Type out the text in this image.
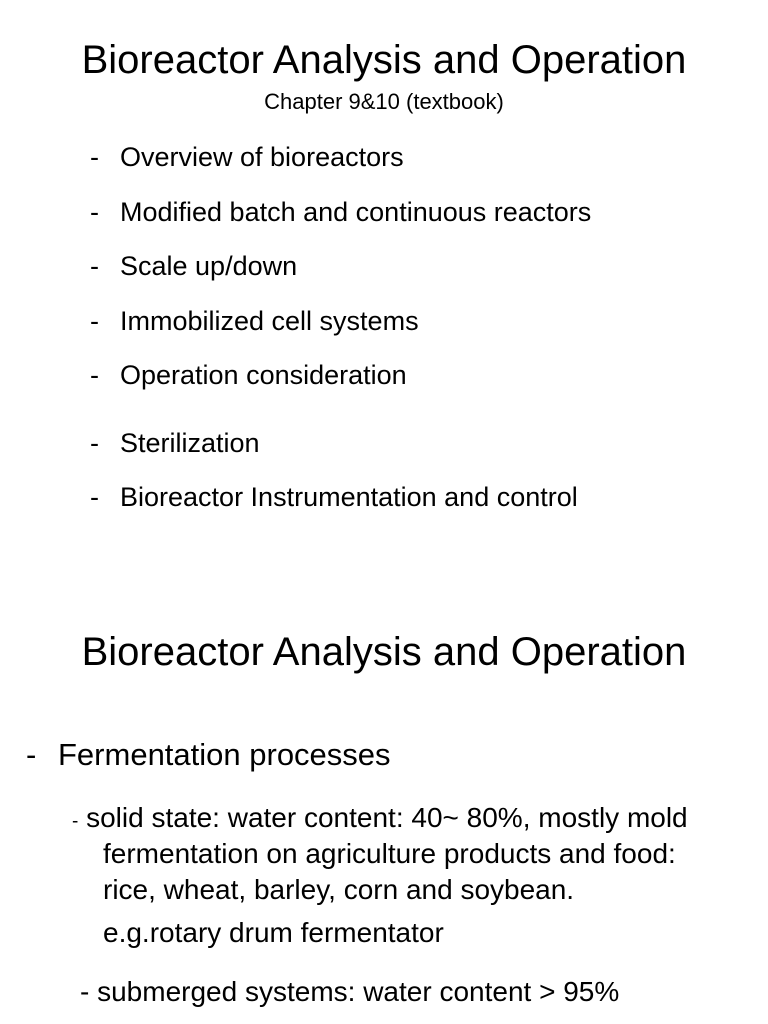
Bioreactor Analysis and Operation
Chapter 9&10 (textbook)
- Overview of bioreactors
- Modified batch and continuous reactors
- Scale up/down
- Immobilized cell systems
- Operation consideration
- Sterilization
- Bioreactor Instrumentation and control
Bioreactor Analysis and Operation
- Fermentation processes
- solid state: water content: 40~ 80%, mostly mold
fermentation on agriculture products and food:
rice, wheat, barley, corn and soybean.
e.g.rotary drum fermentator
- submerged systems: water content > 95%
